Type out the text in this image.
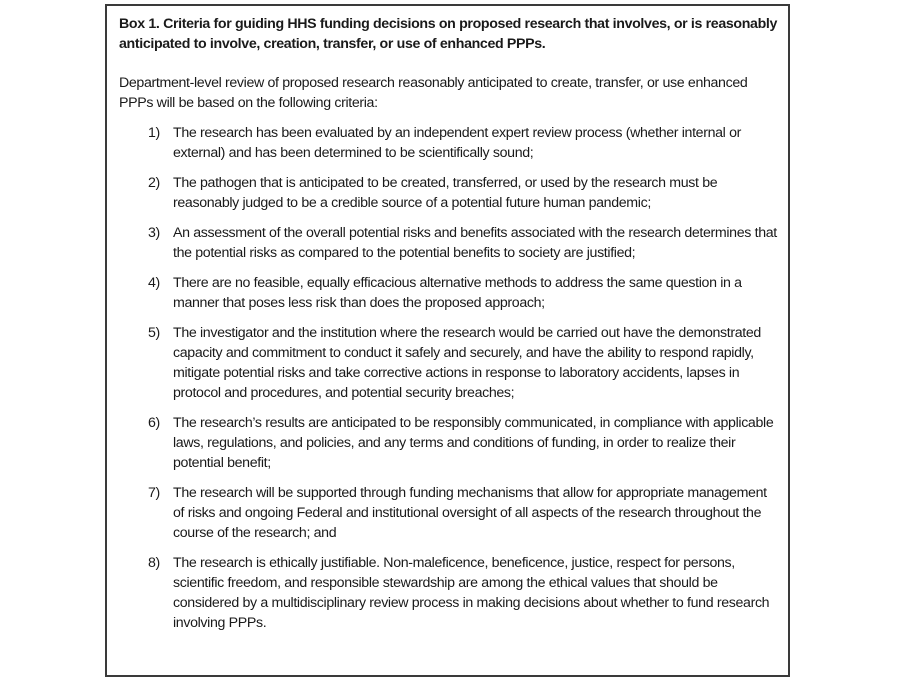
Box 1. Criteria for guiding HHS funding decisions on proposed research that involves, or is reasonably anticipated to involve, creation, transfer, or use of enhanced PPPs.

Department-level review of proposed research reasonably anticipated to create, transfer, or use enhanced PPPs will be based on the following criteria:

1) The research has been evaluated by an independent expert review process (whether internal or external) and has been determined to be scientifically sound;
2) The pathogen that is anticipated to be created, transferred, or used by the research must be reasonably judged to be a credible source of a potential future human pandemic;
3) An assessment of the overall potential risks and benefits associated with the research determines that the potential risks as compared to the potential benefits to society are justified;
4) There are no feasible, equally efficacious alternative methods to address the same question in a manner that poses less risk than does the proposed approach;
5) The investigator and the institution where the research would be carried out have the demonstrated capacity and commitment to conduct it safely and securely, and have the ability to respond rapidly, mitigate potential risks and take corrective actions in response to laboratory accidents, lapses in protocol and procedures, and potential security breaches;
6) The research’s results are anticipated to be responsibly communicated, in compliance with applicable laws, regulations, and policies, and any terms and conditions of funding, in order to realize their potential benefit;
7) The research will be supported through funding mechanisms that allow for appropriate management of risks and ongoing Federal and institutional oversight of all aspects of the research throughout the course of the research; and
8) The research is ethically justifiable. Non-maleficence, beneficence, justice, respect for persons, scientific freedom, and responsible stewardship are among the ethical values that should be considered by a multidisciplinary review process in making decisions about whether to fund research involving PPPs.
